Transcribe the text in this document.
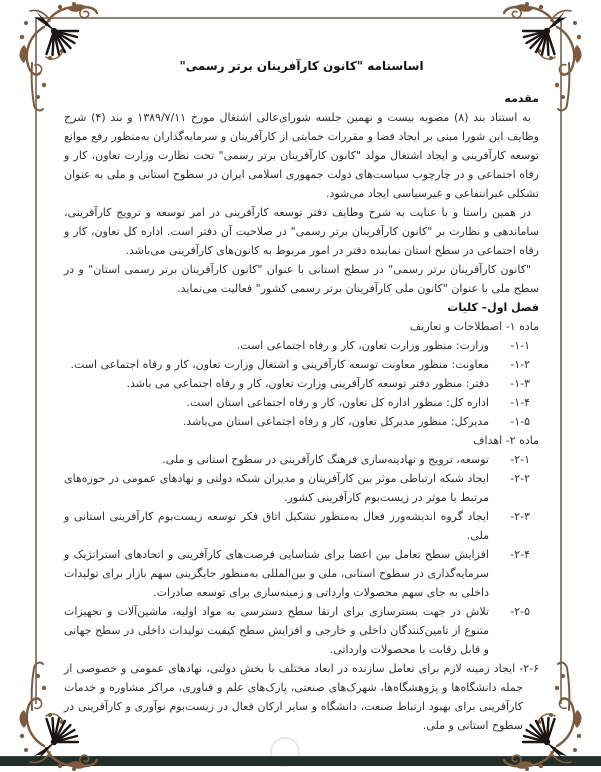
اساسنامه "کانون کارآفرینان برتر رسمی"
مقدمه

به استناد بند (۸) مصوبه بیست و نهمین جلسه شورای‌عالی اشتغال مورخ ۱۳۸۹/۷/۱۱ و بند (۴) شرح وظایف این شورا مبنی بر ایجاد فضا و مقررات حمایتی از کارآفرینان و سرمایه‌گذاران به‌منظور رفع موانع توسعه کارآفرینی و ایجاد اشتغال مولد "کانون کارآفرینان برتر رسمی" تحت نظارت وزارت تعاون، کار و رفاه اجتماعی و در چارچوب سیاست‌های دولت جمهوری اسلامی ایران در سطوح استانی و ملی به عنوان تشکلی غیرانتفاعی و غیرسیاسی ایجاد می‌شود.

در همین راستا و با عنایت به شرح وظایف دفتر توسعه کارآفرینی در امر توسعه و ترویج کارآفرینی، ساماندهی و نظارت بر "کانون کارآفرینان برتر رسمی" در صلاحیت آن دفتر است. اداره کل تعاون، کار و رفاه اجتماعی در سطح استان نماینده دفتر در امور مربوط به کانون‌های کارآفرینی می‌باشد.

"کانون کارآفرینان برتر رسمی" در سطح استانی با عنوان "کانون کارآفرینان برتر رسمی استان" و در سطح ملی با عنوان "کانون ملی کارآفرینان برتر رسمی کشور" فعالیت می‌نماید.

فصل اول– کلیات
ماده ۱- اصطلاحات و تعاریف
۱-۱-
وزارت: منظور وزارت تعاون، کار و رفاه اجتماعی است.
۱-۲-
معاونت: منظور معاونت توسعه کارآفرینی و اشتغال وزارت تعاون، کار و رفاه اجتماعی است.
۱-۳-
دفتر: منظور دفتر توسعه کارآفرینی وزارت تعاون، کار و رفاه اجتماعی می باشد.
۱-۴-
اداره کل: منظور اداره کل تعاون، کار و رفاه اجتماعی استان است.
۱-۵-
مدیرکل: منظور مدیرکل تعاون، کار و رفاه اجتماعی استان می‌باشد.
ماده ۲- اهداف
۲-۱-
توسعه، ترویج و نهادینه‌سازی فرهنگ کارآفرینی در سطوح استانی و ملی.
۲-۲-
ایجاد شبکه ارتباطی موثر بین کارآفرینان و مدیران شبکه دولتی و نهادهای عمومی در حوزه‌های مرتبط یا موثر در زیست‌بوم کارآفرینی کشور.
۲-۳-
ایجاد گروه اندیشه‌ورز فعال به‌منظور تشکیل اتاق فکر توسعه زیست‌بوم کارآفرینی استانی و ملی.
۲-۴-
افزایش سطح تعامل بین اعضا برای شناسایی فرصت‌های کارآفرینی و اتحادهای استراتژیک و سرمایه‌گذاری در سطوح استانی، ملی و بین‌المللی به‌منظور جایگزینی سهم بازار برای تولیدات داخلی به جای سهم محصولات وارداتی و زمینه‌سازی برای توسعه صادرات.
۲-۵-
تلاش در جهت بسترسازی برای ارتقا سطح دسترسی به مواد اولیه، ماشین‌آلات و تجهیزات متنوع از تامین‌کنندگان داخلی و خارجی و افزایش سطح کیفیت تولیدات داخلی در سطح جهانی و قابل رقابت با محصولات وارداتی.
۲-۶- ایجاد زمینه لازم برای تعامل سازنده در ابعاد مختلف با بخش دولتی، نهادهای عمومی و خصوصی از جمله دانشگاه‌ها و پژوهشگاه‌ها، شهرک‌های صنعتی، پارک‌های علم و فناوری، مراکز مشاوره و خدمات کارآفرینی برای بهبود ارتباط صنعت، دانشگاه و سایر ارکان فعال در زیست‌بوم نوآوری و کارآفرینی در سطوح استانی و ملی.
